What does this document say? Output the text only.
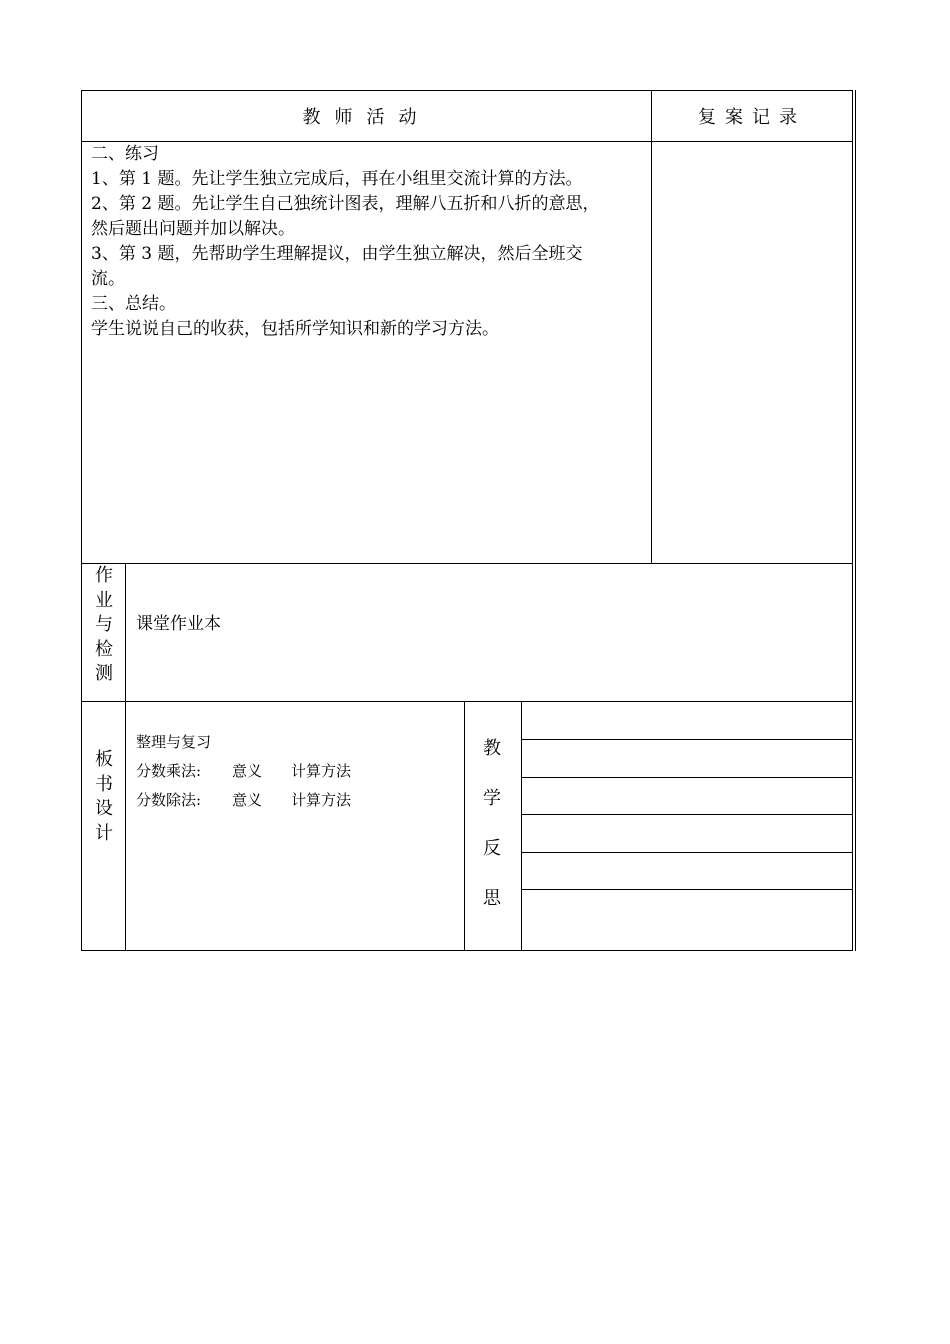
教师活动	复案记录
二、练习
1、第 1 题。先让学生独立完成后，再在小组里交流计算的方法。
2、第 2 题。先让学生自己独统计图表，理解八五折和八折的意思，
然后题出问题并加以解决。
3、第 3 题，先帮助学生理解提议，由学生独立解决，然后全班交
流。
三、总结。
学生说说自己的收获，包括所学知识和新的学习方法。
作
业
与
检
测
课堂作业本
板
书
设
计
整理与复习
分数乘法: 意义 计算方法
分数除法: 意义 计算方法
教
学
反
思
